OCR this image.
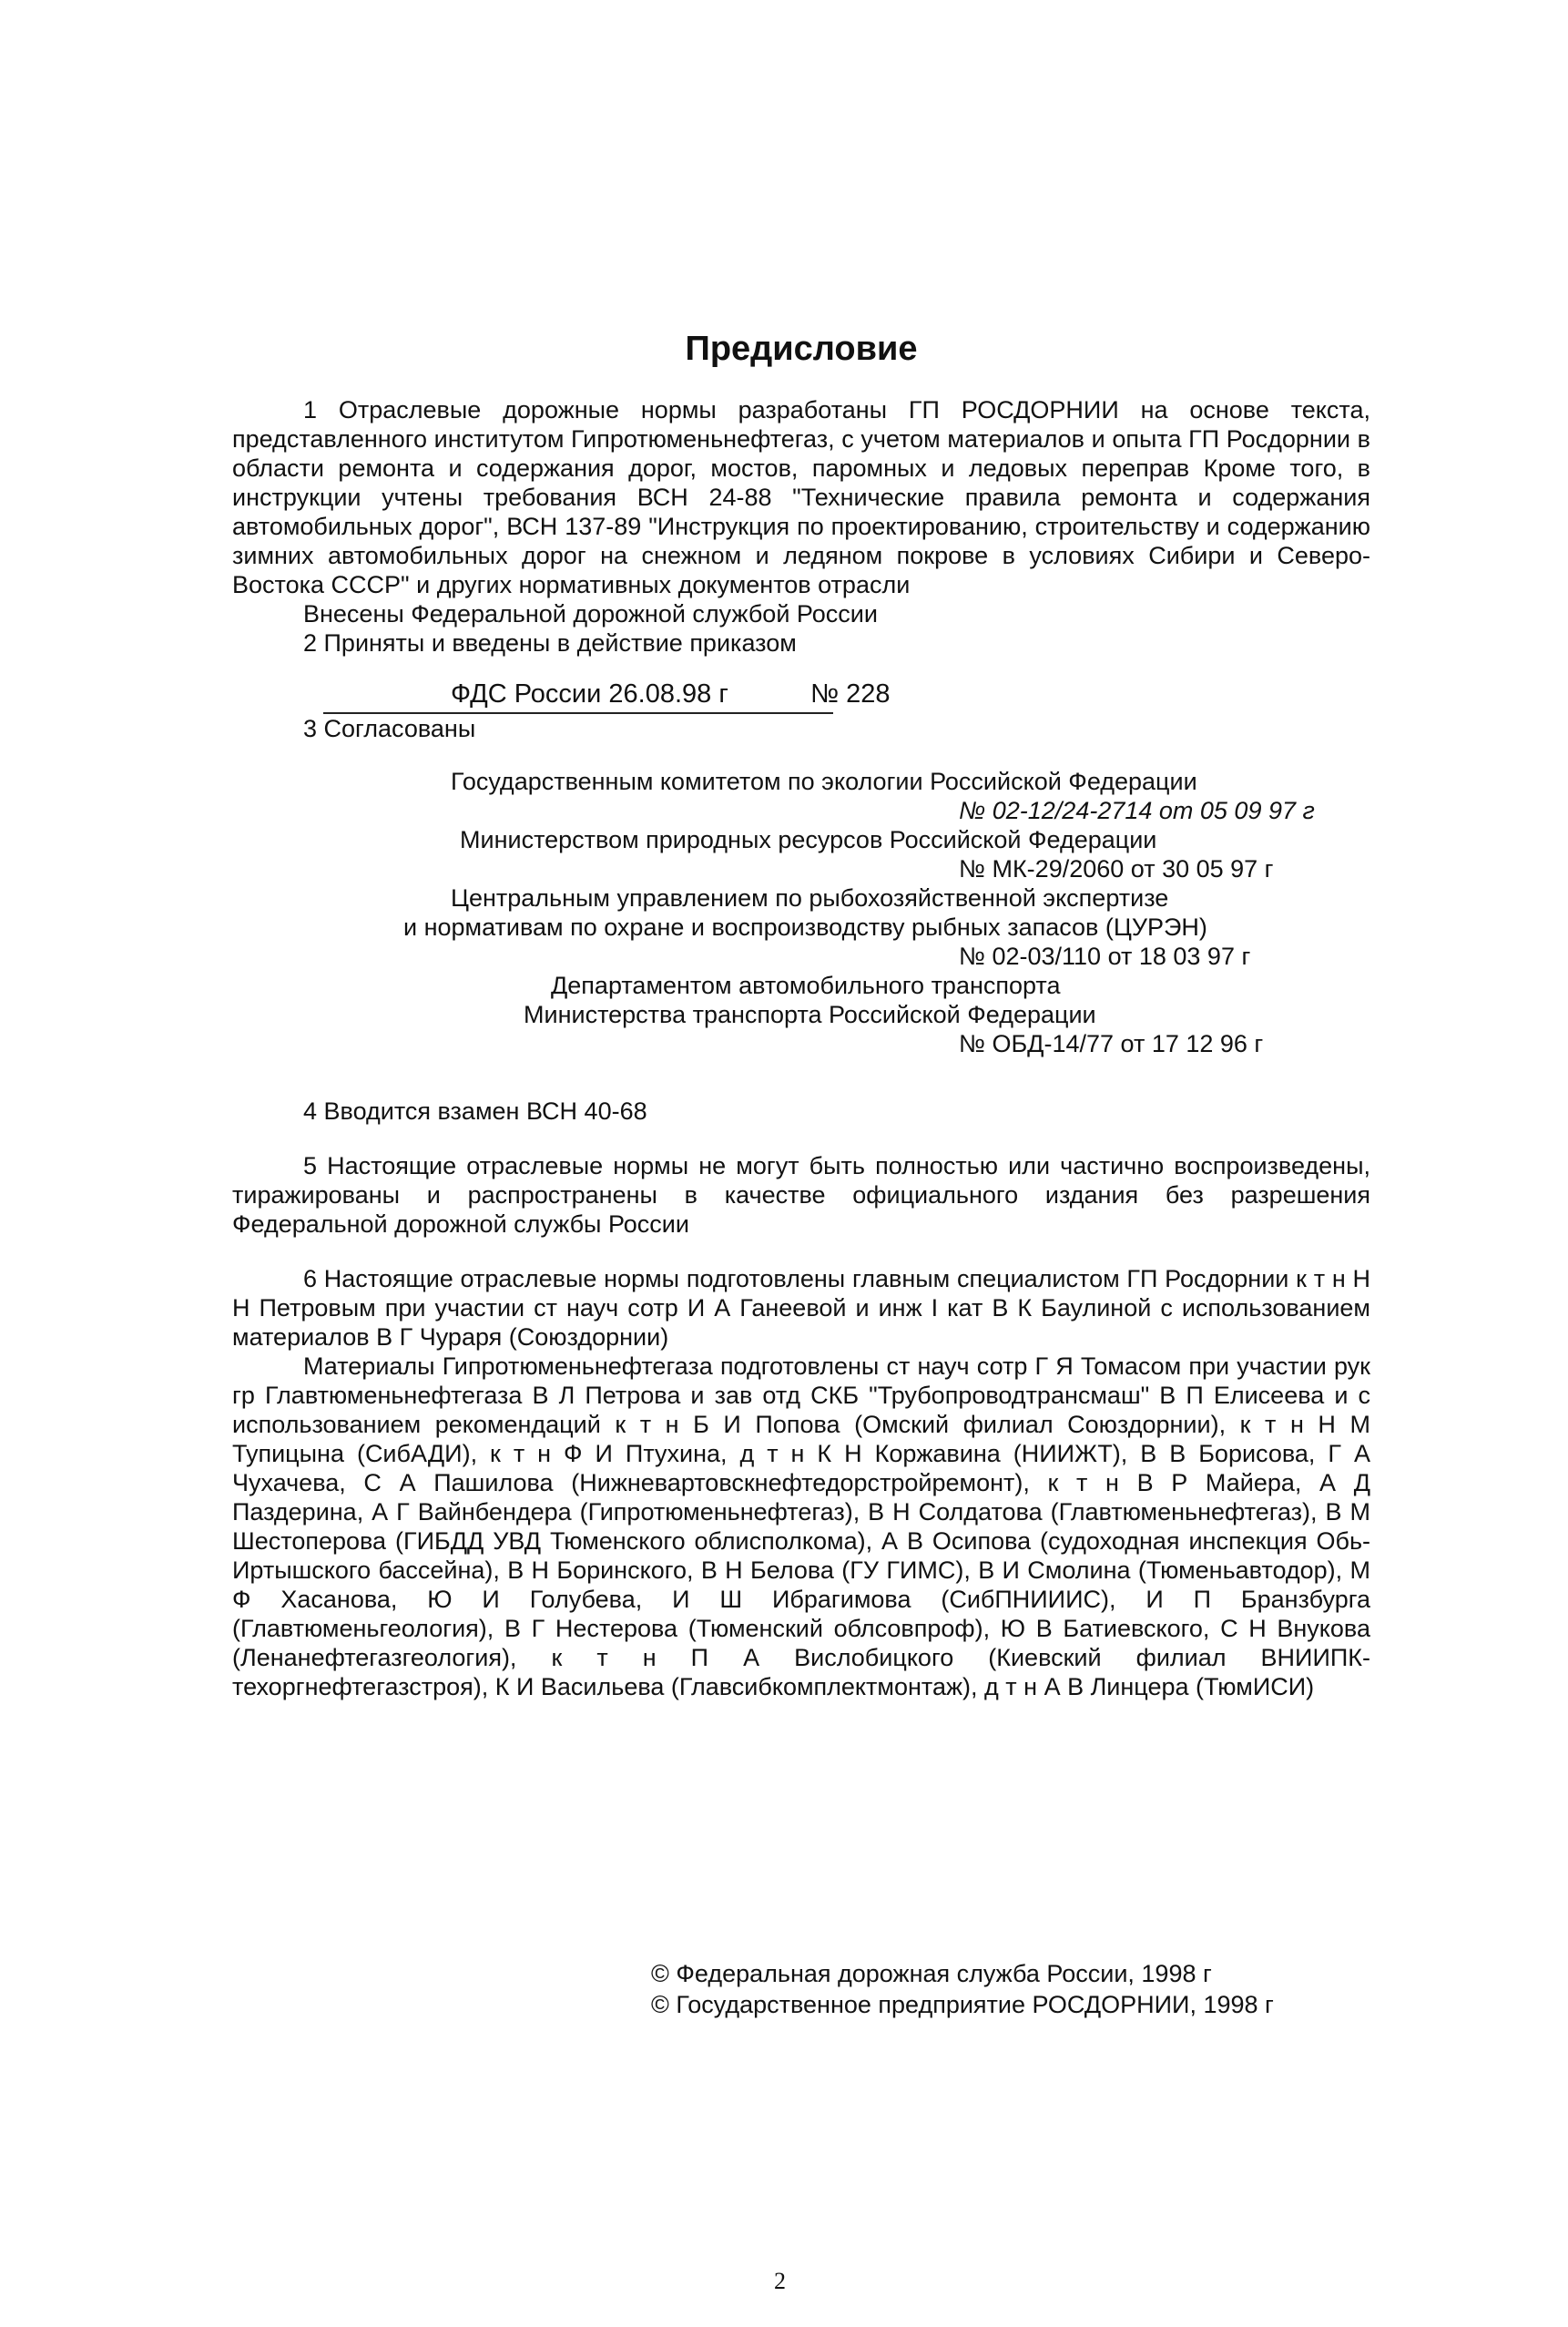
Предисловие

1 Отраслевые дорожные нормы разработаны ГП РОСДОРНИИ на основе текста, представленного институтом Гипротюменьнефтегаз, с учетом материалов и опыта ГП Росдорнии в области ремонта и содержания дорог, мостов, паромных и ледовых переправ Кроме того, в инструкции учтены требования ВСН 24-88 "Технические правила ремонта и содержания автомобильных дорог", ВСН 137-89 "Инструкция по проектированию, строительству и содержанию зимних автомобильных дорог на снежном и ледяном покрове в условиях Сибири и Северо-Востока СССР" и других нормативных документов отрасли

Внесены Федеральной дорожной службой России

2 Приняты и введены в действие приказом

ФДС России 26.08.98 г	№ 228

3 Согласованы

Государственным комитетом по экологии Российской Федерации
№ 02-12/24-2714 от 05 09 97 г
Министерством природных ресурсов Российской Федерации
№ МК-29/2060 от 30 05 97 г
Центральным управлением по рыбохозяйственной экспертизе
и нормативам по охране и воспроизводству рыбных запасов (ЦУРЭН)
№ 02-03/110 от 18 03 97 г
Департаментом автомобильного транспорта
Министерства транспорта Российской Федерации
№ ОБД-14/77 от 17 12 96 г

4 Вводится взамен ВСН 40-68

5 Настоящие отраслевые нормы не могут быть полностью или частично воспроизведены, тиражированы и распространены в качестве официального издания без разрешения Федеральной дорожной службы России

6 Настоящие отраслевые нормы подготовлены главным специалистом ГП Росдорнии к т н Н Н Петровым при участии ст науч сотр И А Ганеевой и инж I кат В К Баулиной с использованием материалов В Г Чураря (Союздорнии)

Материалы Гипротюменьнефтегаза подготовлены ст науч сотр Г Я Томасом при участии рук гр Главтюменьнефтегаза В Л Петрова и зав отд СКБ "Трубопроводтрансмаш" В П Елисеева и с использованием рекомендаций к т н Б И Попова (Омский филиал Союздорнии), к т н Н М Тупицына (СибАДИ), к т н Ф И Птухина, д т н К Н Коржавина (НИИЖТ), В В Борисова, Г А Чухачева, С А Пашилова (Нижневартовскнефтедорстройремонт), к т н В Р Майера, А Д Паздерина, А Г Вайнбендера (Гипротюменьнефтегаз), В Н Солдатова (Главтюменьнефтегаз), В М Шестоперова (ГИБДД УВД Тюменского облисполкома), А В Осипова (судоходная инспекция Обь-Иртышского бассейна), В Н Боринского, В Н Белова (ГУ ГИМС), В И Смолина (Тюменьавтодор), М Ф Хасанова, Ю И Голубева, И Ш Ибрагимова (СибПНИИИС), И П Бранзбурга (Главтюменьгеология), В Г Нестерова (Тюменский облсовпроф), Ю В Батиевского, С Н Внукова (Ленанефтегазгеология), к т н П А Вислобицкого (Киевский филиал ВНИИПК-техоргнефтегазстроя), К И Васильева (Главсибкомплектмонтаж), д т н А В Линцера (ТюмИСИ)

© Федеральная дорожная служба России, 1998 г
© Государственное предприятие РОСДОРНИИ, 1998 г
2
